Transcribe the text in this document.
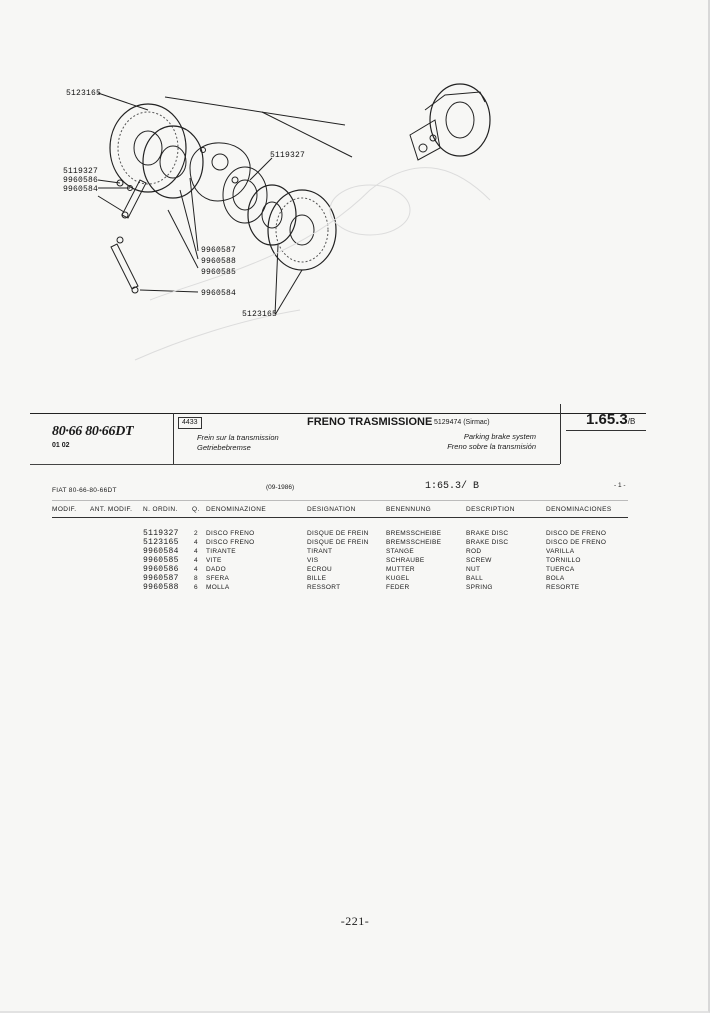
5123165
5119327
9960586
9960584
5119327
9960587
9960588
9960585
9960584
5123165
80·66 80·66DT
01 02
4433	FRENO TRASMISSIONE 5129474 (Sirmac)
Frein sur la transmission
Getriebebremse
Parking brake system
Freno sobre la transmisión
1.65.3/B
FIAT 80-66-80-66DT	(09-1986)	1:65.3/ B	- 1 -
MODIF. ANT. MODIF. N. ORDIN. Q. DENOMINAZIONE	DESIGNATION	BENENNUNG	DESCRIPTION	DENOMINACIONES
5119327 2 DISCO FRENO	DISQUE DE FREIN	BREMSSCHEIBE	BRAKE DISC	DISCO DE FRENO
5123165 4 DISCO FRENO	DISQUE DE FREIN	BREMSSCHEIBE	BRAKE DISC	DISCO DE FRENO
9960584 4 TIRANTE	TIRANT	STANGE	ROD	VARILLA
9960585 4 VITE	VIS	SCHRAUBE	SCREW	TORNILLO
9960586 4 DADO	ECROU	MUTTER	NUT	TUERCA
9960587 8 SFERA	BILLE	KUGEL	BALL	BOLA
9960588 6 MOLLA	RESSORT	FEDER	SPRING	RESORTE
-221-
